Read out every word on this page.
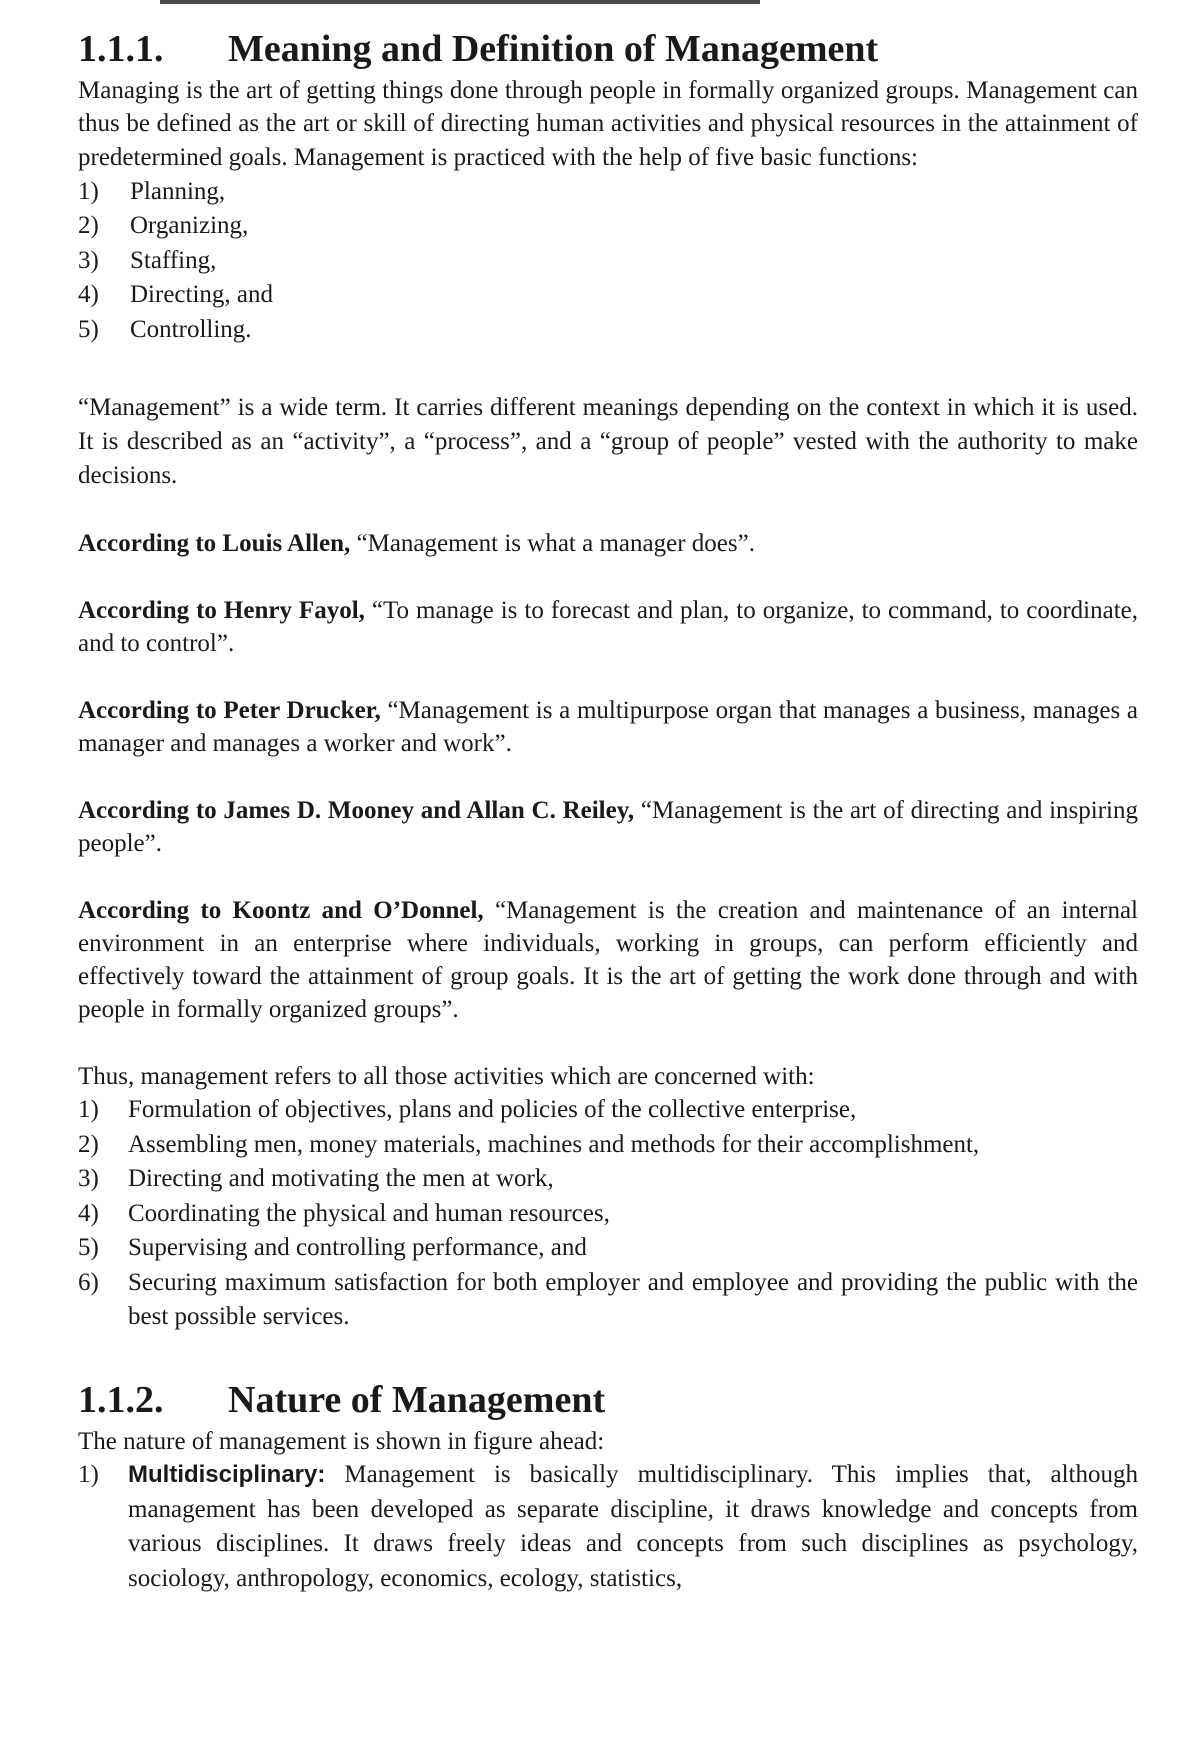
1.1.1.	Meaning and Definition of Management

Managing is the art of getting things done through people in formally organized groups. Management can thus be defined as the art or skill of directing human activities and physical resources in the attainment of predetermined goals. Management is practiced with the help of five basic functions:

1)	Planning,
2)	Organizing,
3)	Staffing,
4)	Directing, and
5)	Controlling.

“Management” is a wide term. It carries different meanings depending on the context in which it is used. It is described as an “activity”, a “process”, and a “group of people” vested with the authority to make decisions.

According to Louis Allen, “Management is what a manager does”.

According to Henry Fayol, “To manage is to forecast and plan, to organize, to command, to coordinate, and to control”.

According to Peter Drucker, “Management is a multipurpose organ that manages a business, manages a manager and manages a worker and work”.

According to James D. Mooney and Allan C. Reiley, “Management is the art of directing and inspiring people”.

According to Koontz and O’Donnel, “Management is the creation and maintenance of an internal environment in an enterprise where individuals, working in groups, can perform efficiently and effectively toward the attainment of group goals. It is the art of getting the work done through and with people in formally organized groups”.

Thus, management refers to all those activities which are concerned with:

1)	Formulation of objectives, plans and policies of the collective enterprise,
2)	Assembling men, money materials, machines and methods for their accomplishment,
3)	Directing and motivating the men at work,
4)	Coordinating the physical and human resources,
5)	Supervising and controlling performance, and
6)	Securing maximum satisfaction for both employer and employee and providing the public with the best possible services.
1.1.2.	Nature of Management

The nature of management is shown in figure ahead:

1)	Multidisciplinary: Management is basically multidisciplinary. This implies that, although management has been developed as separate discipline, it draws knowledge and concepts from various disciplines. It draws freely ideas and concepts from such disciplines as psychology, sociology, anthropology, economics, ecology, statistics,
